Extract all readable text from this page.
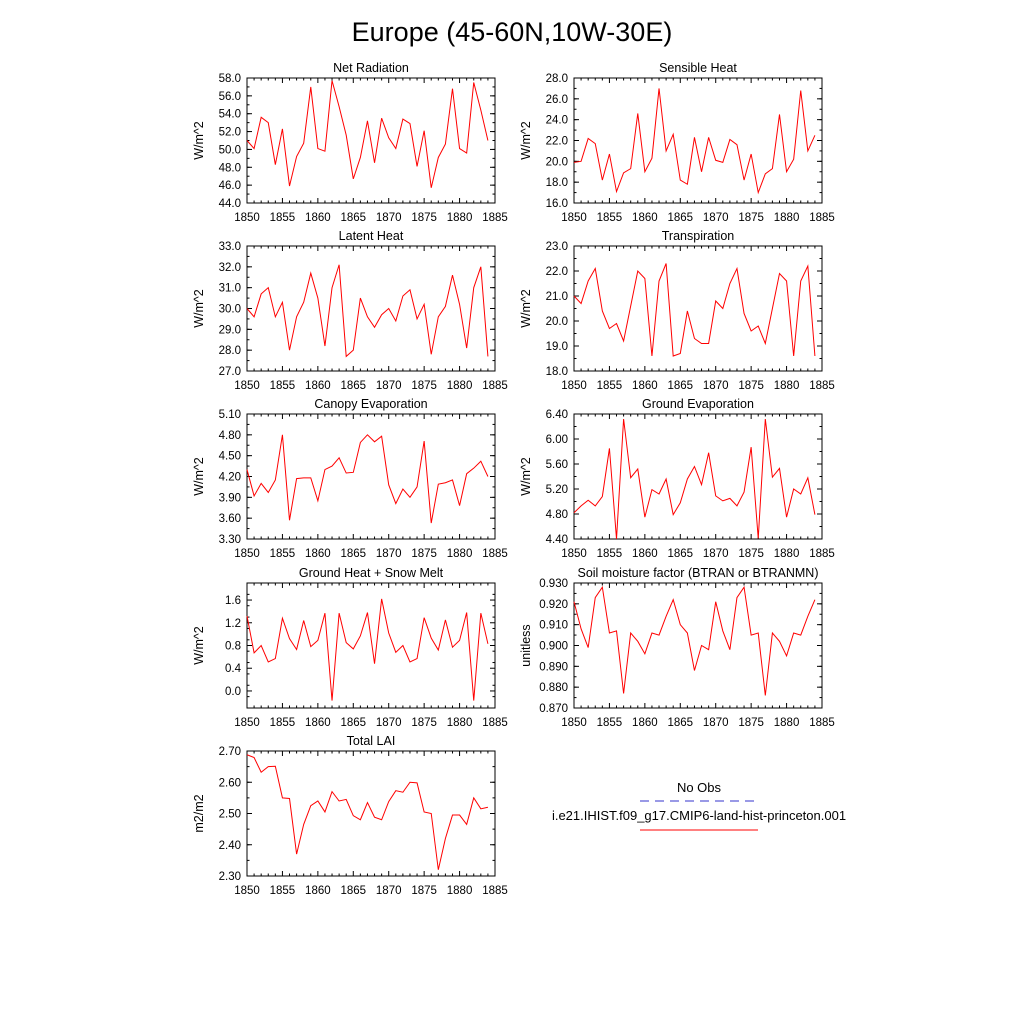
Europe (45-60N,10W-30E)
Net Radiation
W/m^2
1850 1855 1860 1865 1870 1875 1880 1885
44.0
46.0
48.0
50.0
52.0
54.0
56.0
58.0
Sensible Heat
W/m^2
1850 1855 1860 1865 1870 1875 1880 1885
16.0
18.0
20.0
22.0
24.0
26.0
28.0
Latent Heat
W/m^2
1850 1855 1860 1865 1870 1875 1880 1885
27.0
28.0
29.0
30.0
31.0
32.0
33.0
Transpiration
W/m^2
1850 1855 1860 1865 1870 1875 1880 1885
18.0
19.0
20.0
21.0
22.0
23.0
Canopy Evaporation
W/m^2
1850 1855 1860 1865 1870 1875 1880 1885
3.30
3.60
3.90
4.20
4.50
4.80
5.10
Ground Evaporation
W/m^2
1850 1855 1860 1865 1870 1875 1880 1885
4.40
4.80
5.20
5.60
6.00
6.40
Ground Heat + Snow Melt
W/m^2
1850 1855 1860 1865 1870 1875 1880 1885
0.0
0.4
0.8
1.2
1.6
Soil moisture factor (BTRAN or BTRANMN)
unitless
1850 1855 1860 1865 1870 1875 1880 1885
0.870
0.880
0.890
0.900
0.910
0.920
0.930
Total LAI
m2/m2
1850 1855 1860 1865 1870 1875 1880 1885
2.30
2.40
2.50
2.60
2.70
No Obs
i.e21.IHIST.f09_g17.CMIP6-land-hist-princeton.001
